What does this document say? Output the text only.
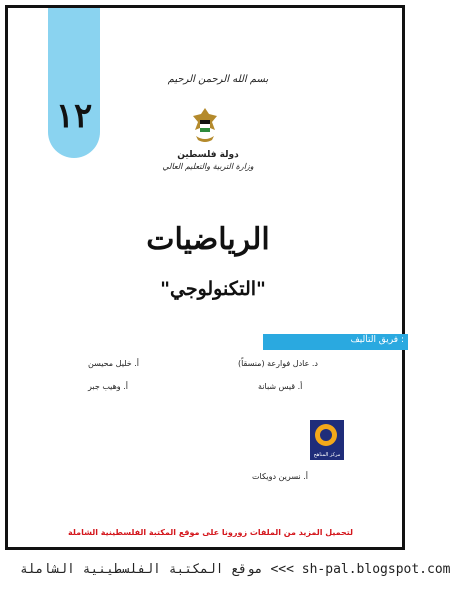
١٢
بسم الله الرحمن الرحيم
دولة فلسطين
وزارة التربية والتعليم العالي
الرياضيات
"التكنولوجي"
فريق التأليف :
د. عادل فوارعة (منسقاً)
أ. خليل محيسن
أ. قيس شبانة
أ. وهيب جبر
مركز المناهج
أ. نسرين دويكات
لتحميل المزيد من الملفات زورونا على موقع المكتبة الفلسطينية الشاملة
موقع المكتبة الفلسطينية الشاملة <<< sh-pal.blogspot.com
